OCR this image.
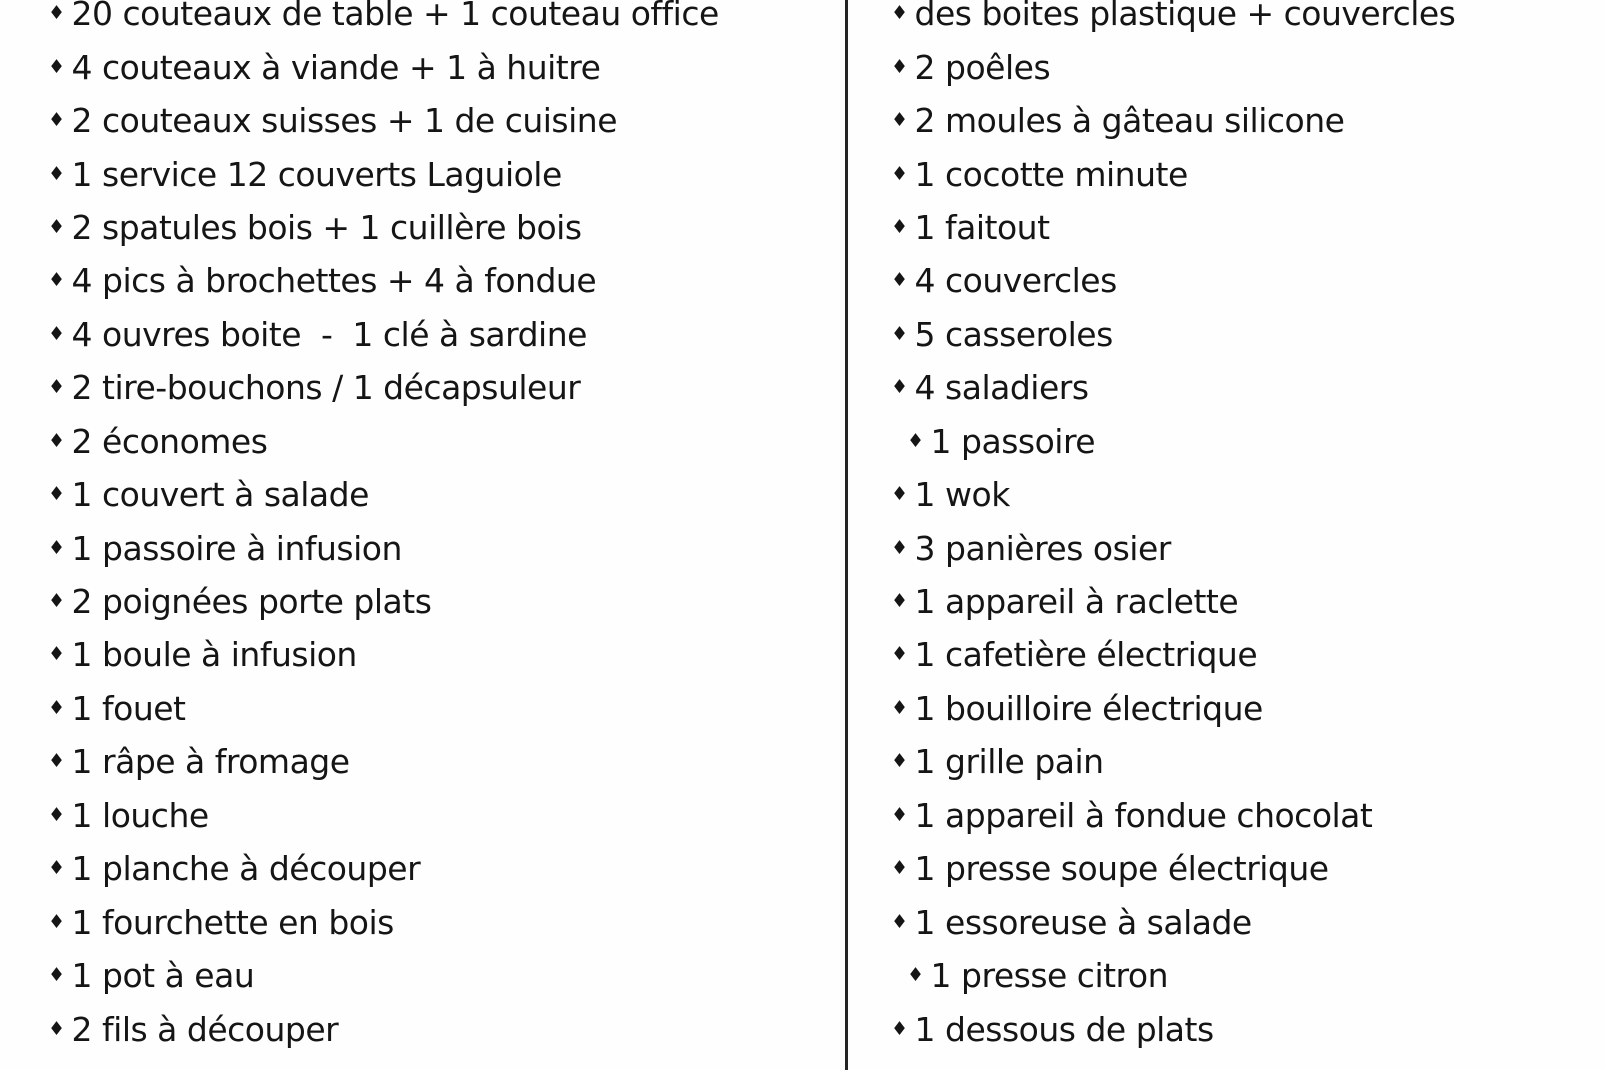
♦ 20 couteaux de table + 1 couteau office
♦ 4 couteaux à viande + 1 à huitre
♦ 2 couteaux suisses + 1 de cuisine
♦ 1 service 12 couverts Laguiole
♦ 2 spatules bois + 1 cuillère bois
♦ 4 pics à brochettes + 4 à fondue
♦ 4 ouvres boite  -  1 clé à sardine
♦ 2 tire-bouchons / 1 décapsuleur
♦ 2 économes
♦ 1 couvert à salade
♦ 1 passoire à infusion
♦ 2 poignées porte plats
♦ 1 boule à infusion
♦ 1 fouet
♦ 1 râpe à fromage
♦ 1 louche
♦ 1 planche à découper
♦ 1 fourchette en bois
♦ 1 pot à eau
♦ 2 fils à découper
♦ des boites plastique + couvercles
♦ 2 poêles
♦ 2 moules à gâteau silicone
♦ 1 cocotte minute
♦ 1 faitout
♦ 4 couvercles
♦ 5 casseroles
♦ 4 saladiers
♦ 1 passoire
♦ 1 wok
♦ 3 panières osier
♦ 1 appareil à raclette
♦ 1 cafetière électrique
♦ 1 bouilloire électrique
♦ 1 grille pain
♦ 1 appareil à fondue chocolat
♦ 1 presse soupe électrique
♦ 1 essoreuse à salade
♦ 1 presse citron
♦ 1 dessous de plats
